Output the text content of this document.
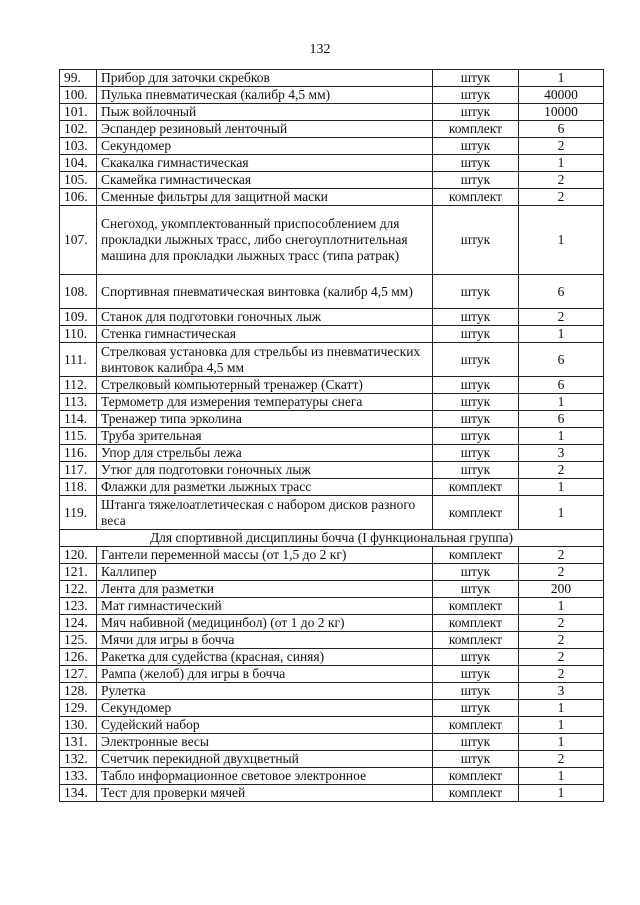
132
99.	Прибор для заточки скребков	штук	1
100.	Пулька пневматическая (калибр 4,5 мм)	штук	40000
101.	Пыж войлочный	штук	10000
102.	Эспандер резиновый ленточный	комплект	6
103.	Секундомер	штук	2
104.	Скакалка гимнастическая	штук	1
105.	Скамейка гимнастическая	штук	2
106.	Сменные фильтры для защитной маски	комплект	2
107.	Снегоход, укомплектованный приспособлением для прокладки лыжных трасс, либо снегоуплотнительная машина для прокладки лыжных трасс (типа ратрак)	штук	1
108.	Спортивная пневматическая винтовка (калибр 4,5 мм)	штук	6
109.	Станок для подготовки гоночных лыж	штук	2
110.	Стенка гимнастическая	штук	1
111.	Стрелковая установка для стрельбы из пневматических винтовок калибра 4,5 мм	штук	6
112.	Стрелковый компьютерный тренажер (Скатт)	штук	6
113.	Термометр для измерения температуры снега	штук	1
114.	Тренажер типа эрколина	штук	6
115.	Труба зрительная	штук	1
116.	Упор для стрельбы лежа	штук	3
117.	Утюг для подготовки гоночных лыж	штук	2
118.	Флажки для разметки лыжных трасс	комплект	1
119.	Штанга тяжелоатлетическая с набором дисков разного веса	комплект	1
Для спортивной дисциплины бочча (I функциональная группа)			
120.	Гантели переменной массы (от 1,5 до 2 кг)	комплект	2
121.	Каллипер	штук	2
122.	Лента для разметки	штук	200
123.	Мат гимнастический	комплект	1
124.	Мяч набивной (медицинбол) (от 1 до 2 кг)	комплект	2
125.	Мячи для игры в бочча	комплект	2
126.	Ракетка для судейства (красная, синяя)	штук	2
127.	Рампа (желоб) для игры в бочча	штук	2
128.	Рулетка	штук	3
129.	Секундомер	штук	1
130.	Судейский набор	комплект	1
131.	Электронные весы	штук	1
132.	Счетчик перекидной двухцветный	штук	2
133.	Табло информационное световое электронное	комплект	1
134.	Тест для проверки мячей	комплект	1
